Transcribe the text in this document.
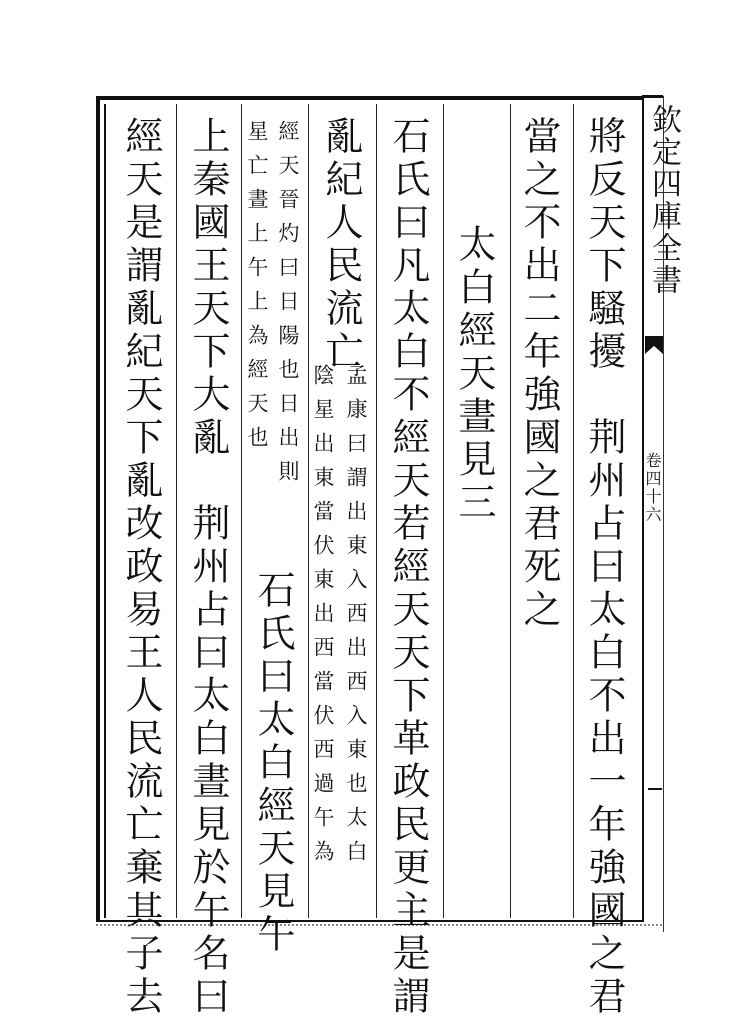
欽定四庫全書
卷四十六
將反天下騷擾　荆州占曰太白不出一年強國之君
當之不出二年強國之君死之
太白經天晝見三
石氏曰凡太白不經天若經天天下革政民更主是謂
亂紀人民流亡
孟康曰謂出東入西出西入東也太白
陰星出東當伏東出西當伏西過午為
經天晉灼曰日陽也日出則
星亡晝上午上為經天也
石氏曰太白經天見午
上秦國王天下大亂　荆州占曰太白晝見於午名曰
經天是謂亂紀天下亂改政易王人民流亡棄其子去
